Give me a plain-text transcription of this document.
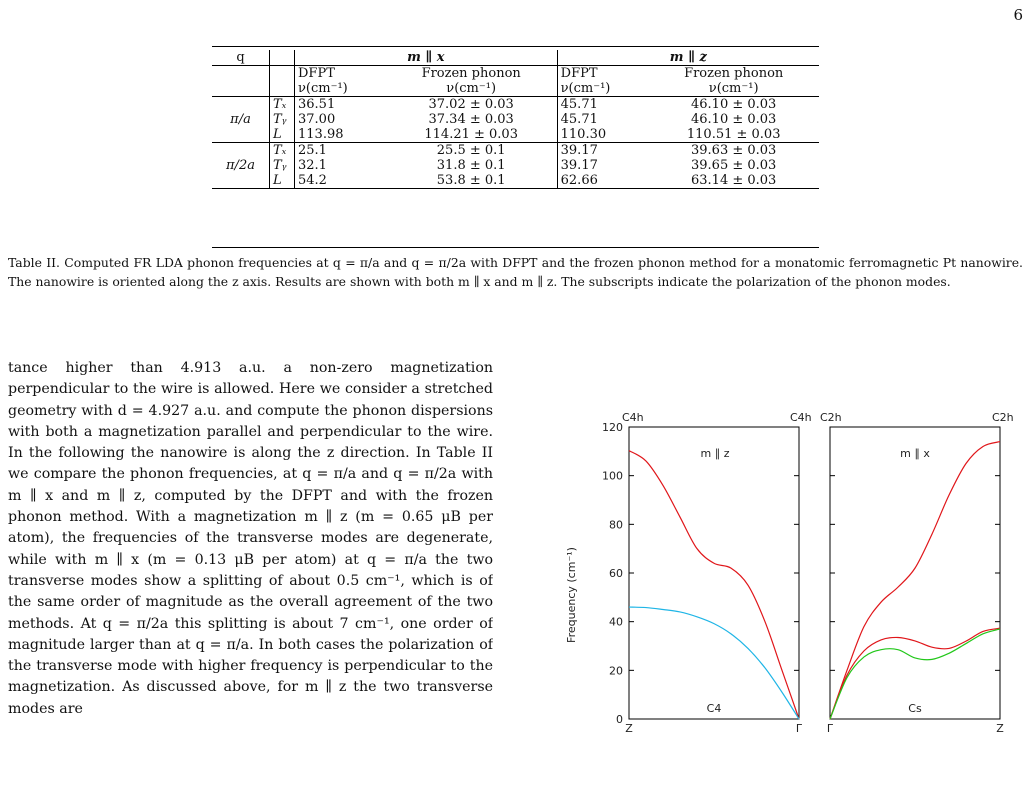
6
q		m ∥ x		m ∥ z	
		DFPT	Frozen phonon	DFPT	Frozen phonon
		ν(cm⁻¹)	ν(cm⁻¹)	ν(cm⁻¹)	ν(cm⁻¹)
π/a	Tₓ	36.51	37.02 ± 0.03	45.71	46.10 ± 0.03
	Tᵧ	37.00	37.34 ± 0.03	45.71	46.10 ± 0.03
	L	113.98	114.21 ± 0.03	110.30	110.51 ± 0.03
π/2a	Tₓ	25.1	25.5 ± 0.1	39.17	39.63 ± 0.03
	Tᵧ	32.1	31.8 ± 0.1	39.17	39.65 ± 0.03
	L	54.2	53.8 ± 0.1	62.66	63.14 ± 0.03
Table II. Computed FR LDA phonon frequencies at q = π/a and q = π/2a with DFPT and the frozen phonon method for a monatomic ferromagnetic Pt nanowire. The nanowire is oriented along the z axis. Results are shown with both m ∥ x and m ∥ z. The subscripts indicate the polarization of the phonon modes.

tance higher than 4.913 a.u. a non-zero magnetization perpendicular to the wire is allowed. Here we consider a stretched geometry with d = 4.927 a.u. and compute the phonon dispersions with both a magnetization parallel and perpendicular to the wire. In the following the nanowire is along the z direction. In Table II we compare the phonon frequencies, at q = π/a and q = π/2a with m ∥ x and m ∥ z, computed by the DFPT and with the frozen phonon method. With a magnetization m ∥ z (m = 0.65 μB per atom), the frequencies of the transverse modes are degenerate, while with m ∥ x (m = 0.13 μB per atom) at q = π/a the two transverse modes show a splitting of about 0.5 cm⁻¹, which is of the same order of magnitude as the overall agreement of the two methods. At q = π/2a this splitting is about 7 cm⁻¹, one order of magnitude larger than at q = π/a. In both cases the polarization of the transverse mode with higher frequency is perpendicular to the magnetization. As discussed above, for m ∥ z the two transverse modes are

Frequency (cm⁻¹)
0
20
40
60
80
100
120
m ∥ z	m ∥ x
C4h	C4h C2h	C2h
C4	Cs
Z	Γ Γ	Z
